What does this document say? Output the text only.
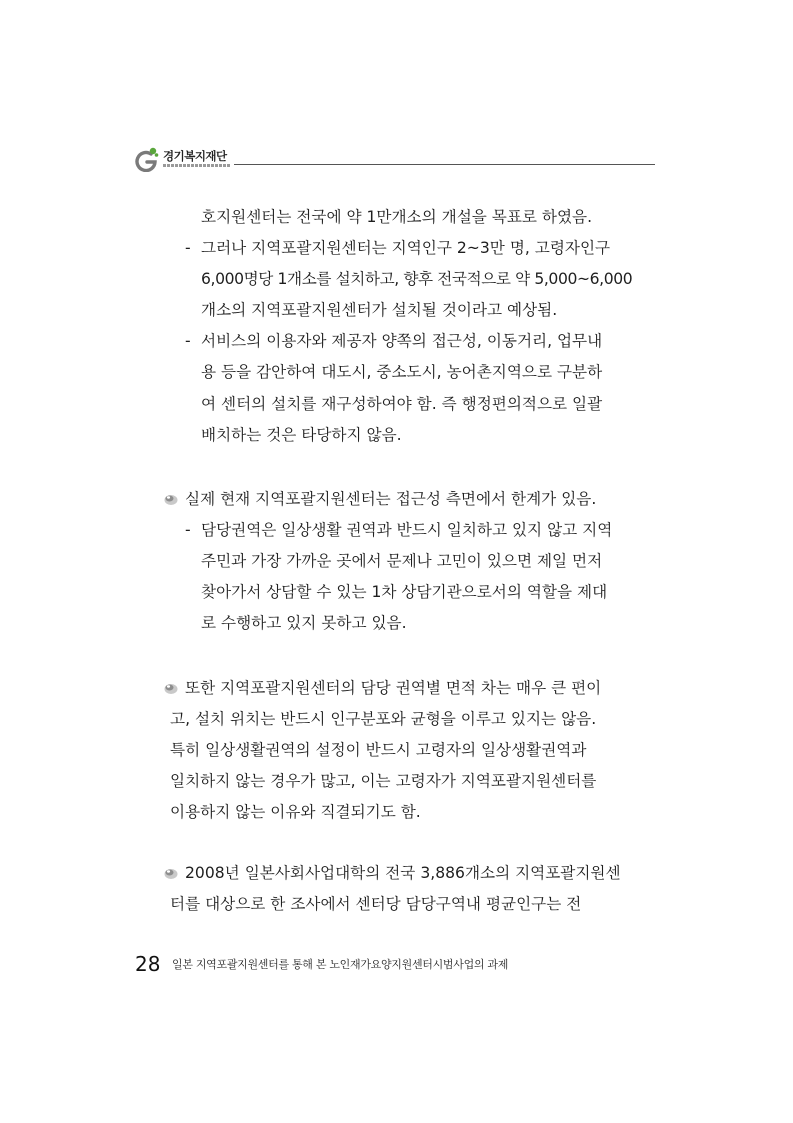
경기복지재단
호지원센터는 전국에 약 1만개소의 개설을 목표로 하였음.
- 그러나 지역포괄지원센터는 지역인구 2~3만 명, 고령자인구
6,000명당 1개소를 설치하고, 향후 전국적으로 약 5,000~6,000
개소의 지역포괄지원센터가 설치될 것이라고 예상됨.
- 서비스의 이용자와 제공자 양쪽의 접근성, 이동거리, 업무내
용 등을 감안하여 대도시, 중소도시, 농어촌지역으로 구분하
여 센터의 설치를 재구성하여야 함. 즉 행정편의적으로 일괄
배치하는 것은 타당하지 않음.
실제 현재 지역포괄지원센터는 접근성 측면에서 한계가 있음.
- 담당권역은 일상생활 권역과 반드시 일치하고 있지 않고 지역
주민과 가장 가까운 곳에서 문제나 고민이 있으면 제일 먼저
찾아가서 상담할 수 있는 1차 상담기관으로서의 역할을 제대
로 수행하고 있지 못하고 있음.
또한 지역포괄지원센터의 담당 권역별 면적 차는 매우 큰 편이
고, 설치 위치는 반드시 인구분포와 균형을 이루고 있지는 않음.
특히 일상생활권역의 설정이 반드시 고령자의 일상생활권역과
일치하지 않는 경우가 많고, 이는 고령자가 지역포괄지원센터를
이용하지 않는 이유와 직결되기도 함.
2008년 일본사회사업대학의 전국 3,886개소의 지역포괄지원센
터를 대상으로 한 조사에서 센터당 담당구역내 평균인구는 전
28 일본 지역포괄지원센터를 통해 본 노인재가요양지원센터시범사업의 과제
